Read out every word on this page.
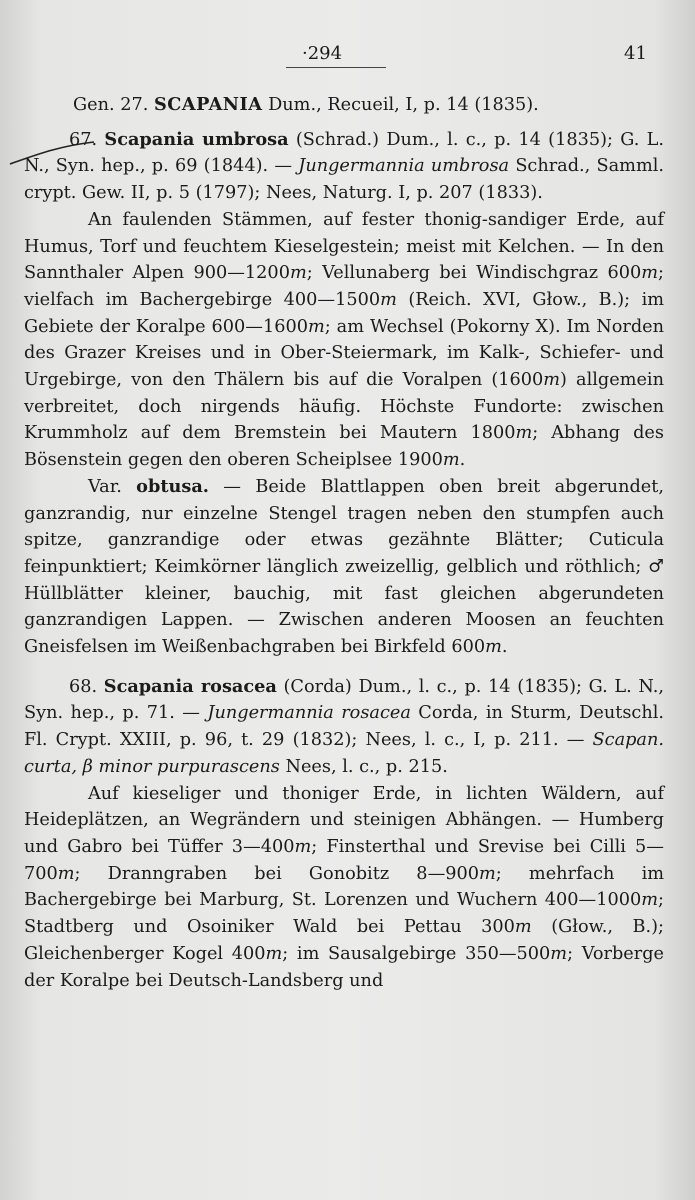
·294	41
Gen. 27. SCAPANIA Dum., Recueil, I, p. 14 (1835).

67. Scapania umbrosa (Schrad.) Dum., l. c., p. 14 (1835); G. L. N., Syn. hep., p. 69 (1844). — Jungermannia umbrosa Schrad., Samml. crypt. Gew. II, p. 5 (1797); Nees, Naturg. I, p. 207 (1833).

An faulenden Stämmen, auf fester thonig-sandiger Erde, auf Humus, Torf und feuchtem Kieselgestein; meist mit Kelchen. — In den Sannthaler Alpen 900—1200m; Vellunaberg bei Windischgraz 600m; vielfach im Bachergebirge 400—1500m (Reich. XVI, Głow., B.); im Gebiete der Koralpe 600—1600m; am Wechsel (Pokorny X). Im Norden des Grazer Kreises und in Ober-Steiermark, im Kalk-, Schiefer- und Urgebirge, von den Thälern bis auf die Voralpen (1600m) allgemein verbreitet, doch nirgends häufig. Höchste Fundorte: zwischen Krummholz auf dem Bremstein bei Mautern 1800m; Abhang des Bösenstein gegen den oberen Scheiplsee 1900m.

Var. obtusa. — Beide Blattlappen oben breit abgerundet, ganzrandig, nur einzelne Stengel tragen neben den stumpfen auch spitze, ganzrandige oder etwas gezähnte Blätter; Cuticula feinpunktiert; Keimkörner länglich zweizellig, gelblich und röthlich; ♂ Hüllblätter kleiner, bauchig, mit fast gleichen abgerundeten ganzrandigen Lappen. — Zwischen anderen Moosen an feuchten Gneisfelsen im Weißenbachgraben bei Birkfeld 600m.

68. Scapania rosacea (Corda) Dum., l. c., p. 14 (1835); G. L. N., Syn. hep., p. 71. — Jungermannia rosacea Corda, in Sturm, Deutschl. Fl. Crypt. XXIII, p. 96, t. 29 (1832); Nees, l. c., I, p. 211. — Scapan. curta, β minor purpurascens Nees, l. c., p. 215.

Auf kieseliger und thoniger Erde, in lichten Wäldern, auf Heideplätzen, an Wegrändern und steinigen Abhängen. — Humberg und Gabro bei Tüffer 3—400m; Finsterthal und Srevise bei Cilli 5—700m; Dranngraben bei Gonobitz 8—900m; mehrfach im Bachergebirge bei Marburg, St. Lorenzen und Wuchern 400—1000m; Stadtberg und Osoiniker Wald bei Pettau 300m (Głow., B.); Gleichenberger Kogel 400m; im Sausalgebirge 350—500m; Vorberge der Koralpe bei Deutsch-Landsberg und
